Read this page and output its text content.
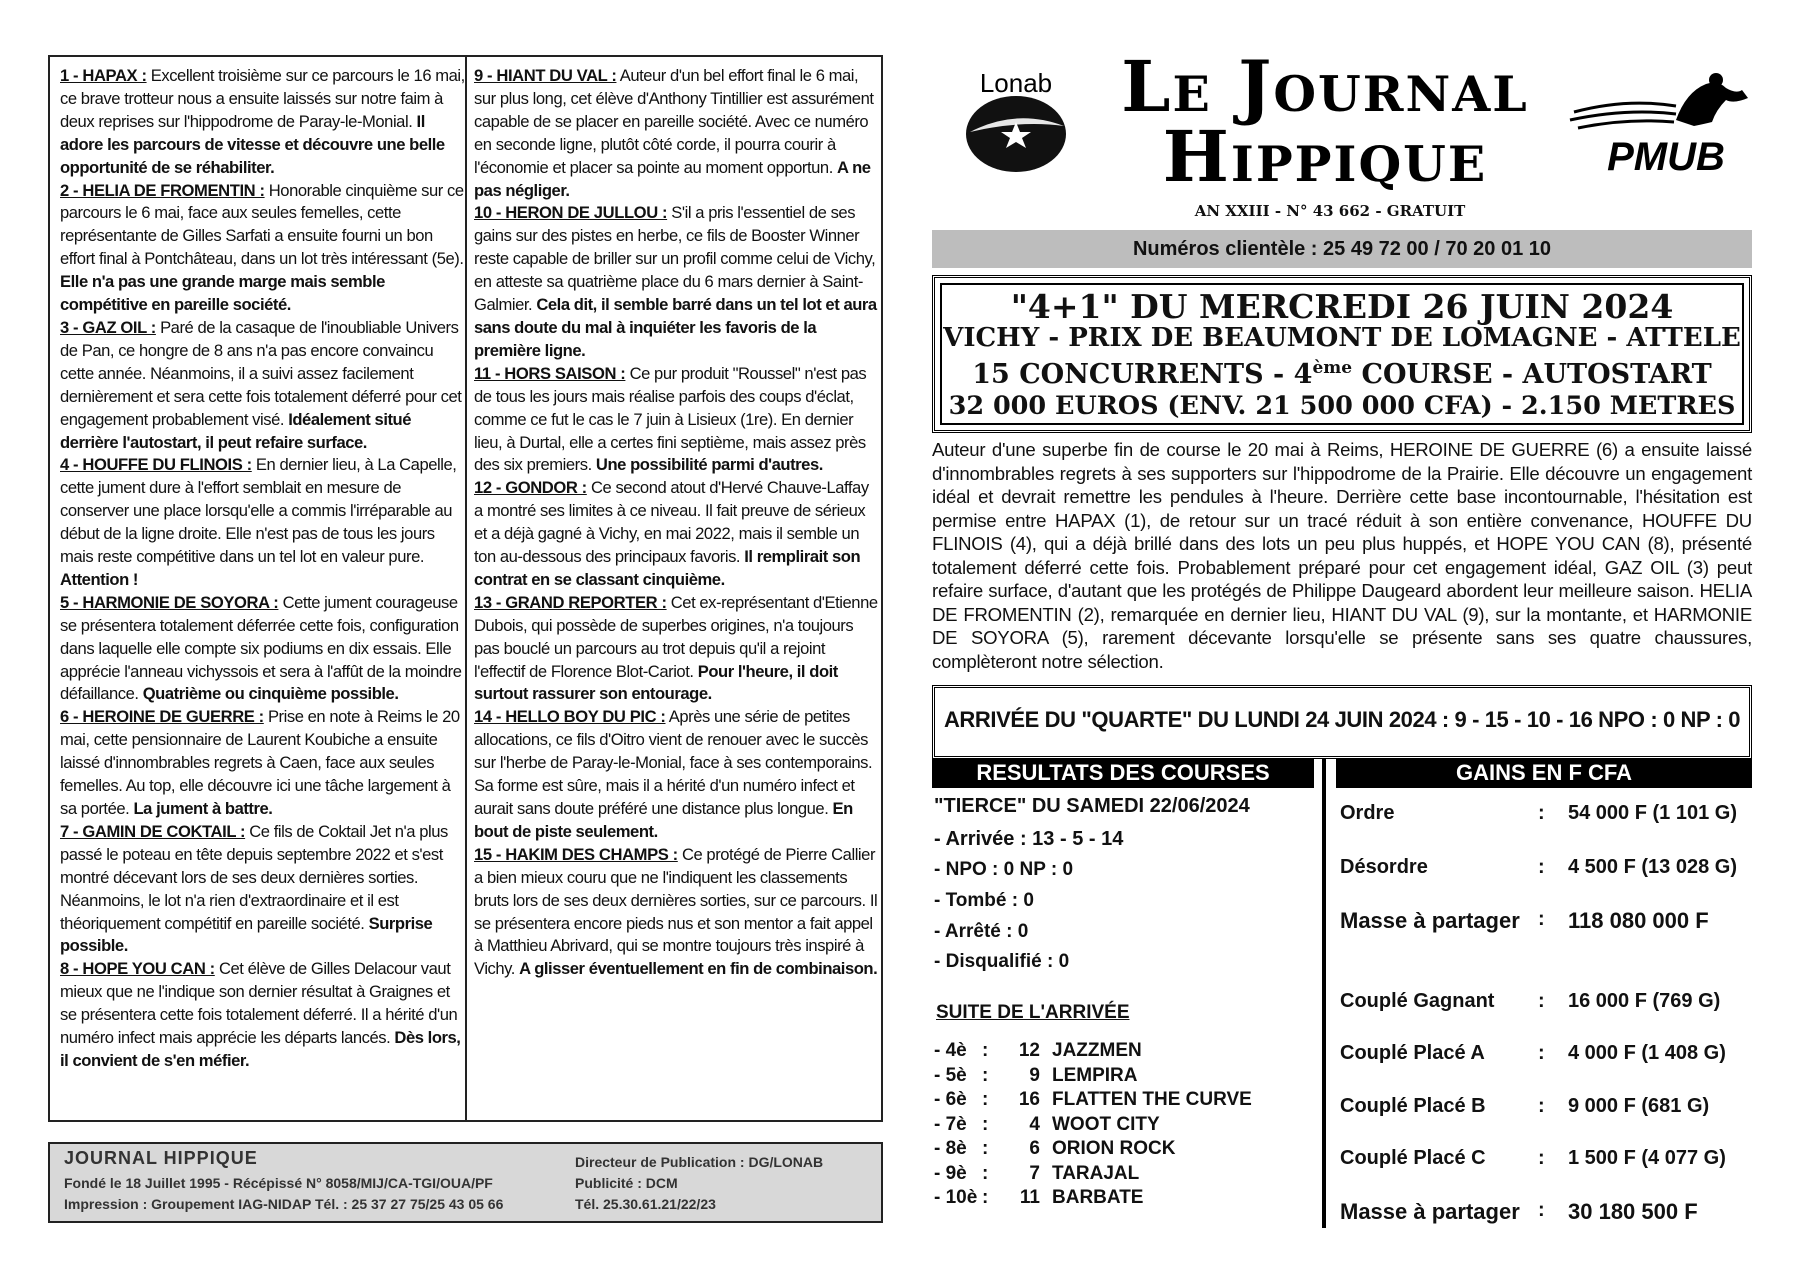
1 - HAPAX : Excellent troisième sur ce parcours le 16 mai, ce brave trotteur nous a ensuite laissés sur notre faim à deux reprises sur l'hippodrome de Paray-le-Monial. Il adore les parcours de vitesse et découvre une belle opportunité de se réhabiliter.

2 - HELIA DE FROMENTIN : Honorable cinquième sur ce parcours le 6 mai, face aux seules femelles, cette représentante de Gilles Sarfati a ensuite fourni un bon effort final à Pontchâteau, dans un lot très intéressant (5e). Elle n'a pas une grande marge mais semble compétitive en pareille société.

3 - GAZ OIL : Paré de la casaque de l'inoubliable Univers de Pan, ce hongre de 8 ans n'a pas encore convaincu cette année. Néanmoins, il a suivi assez facilement dernièrement et sera cette fois totalement déferré pour cet engagement probablement visé. Idéalement situé derrière l'autostart, il peut refaire surface.

4 - HOUFFE DU FLINOIS : En dernier lieu, à La Capelle, cette jument dure à l'effort semblait en mesure de conserver une place lorsqu'elle a commis l'irréparable au début de la ligne droite. Elle n'est pas de tous les jours mais reste compétitive dans un tel lot en valeur pure. Attention !

5 - HARMONIE DE SOYORA : Cette jument courageuse se présentera totalement déferrée cette fois, configuration dans laquelle elle compte six podiums en dix essais. Elle apprécie l'anneau vichyssois et sera à l'affût de la moindre défaillance. Quatrième ou cinquième possible.

6 - HEROINE DE GUERRE : Prise en note à Reims le 20 mai, cette pensionnaire de Laurent Koubiche a ensuite laissé d'innombrables regrets à Caen, face aux seules femelles. Au top, elle découvre ici une tâche largement à sa portée. La jument à battre.

7 - GAMIN DE COKTAIL : Ce fils de Coktail Jet n'a plus passé le poteau en tête depuis septembre 2022 et s'est montré décevant lors de ses deux dernières sorties. Néanmoins, le lot n'a rien d'extraordinaire et il est théoriquement compétitif en pareille société. Surprise possible.

8 - HOPE YOU CAN : Cet élève de Gilles Delacour vaut mieux que ne l'indique son dernier résultat à Graignes et se présentera cette fois totalement déferré. Il a hérité d'un numéro infect mais apprécie les départs lancés. Dès lors, il convient de s'en méfier.

9 - HIANT DU VAL : Auteur d'un bel effort final le 6 mai, sur plus long, cet élève d'Anthony Tintillier est assurément capable de se placer en pareille société. Avec ce numéro en seconde ligne, plutôt côté corde, il pourra courir à l'économie et placer sa pointe au moment opportun. A ne pas négliger.

10 - HERON DE JULLOU : S'il a pris l'essentiel de ses gains sur des pistes en herbe, ce fils de Booster Winner reste capable de briller sur un profil comme celui de Vichy, en atteste sa quatrième place du 6 mars dernier à Saint-Galmier. Cela dit, il semble barré dans un tel lot et aura sans doute du mal à inquiéter les favoris de la première ligne.

11 - HORS SAISON : Ce pur produit "Roussel" n'est pas de tous les jours mais réalise parfois des coups d'éclat, comme ce fut le cas le 7 juin à Lisieux (1re). En dernier lieu, à Durtal, elle a certes fini septième, mais assez près des six premiers. Une possibilité parmi d'autres.

12 - GONDOR : Ce second atout d'Hervé Chauve-Laffay a montré ses limites à ce niveau. Il fait preuve de sérieux et a déjà gagné à Vichy, en mai 2022, mais il semble un ton au-dessous des principaux favoris. Il remplirait son contrat en se classant cinquième.

13 - GRAND REPORTER : Cet ex-représentant d'Etienne Dubois, qui possède de superbes origines, n'a toujours pas bouclé un parcours au trot depuis qu'il a rejoint l'effectif de Florence Blot-Cariot. Pour l'heure, il doit surtout rassurer son entourage.

14 - HELLO BOY DU PIC : Après une série de petites allocations, ce fils d'Oitro vient de renouer avec le succès sur l'herbe de Paray-le-Monial, face à ses contemporains. Sa forme est sûre, mais il a hérité d'un numéro infect et aurait sans doute préféré une distance plus longue. En bout de piste seulement.

15 - HAKIM DES CHAMPS : Ce protégé de Pierre Callier a bien mieux couru que ne l'indiquent les classements bruts lors de ses deux dernières sorties, sur ce parcours. Il se présentera encore pieds nus et son mentor a fait appel à Matthieu Abrivard, qui se montre toujours très inspiré à Vichy. A glisser éventuellement en fin de combinaison.

JOURNAL HIPPIQUE
Fondé le 18 Juillet 1995 - Récépissé N° 8058/MIJ/CA-TGI/OUA/PF
Impression : Groupement IAG-NIDAP Tél. : 25 37 27 75/25 43 05 66
Directeur de Publication : DG/LONAB
Publicité : DCM
Tél. 25.30.61.21/22/23
Lonab Le Journal
Hippique	PMUB
AN XXIII - N° 43 662 - GRATUIT
Numéros clientèle : 25 49 72 00 / 70 20 01 10
"4+1" DU MERCREDI 26 JUIN 2024
VICHY - PRIX DE BEAUMONT DE LOMAGNE - ATTELE
15 CONCURRENTS - 4ème COURSE - AUTOSTART
32 000 EUROS (ENV. 21 500 000 CFA) - 2.150 METRES
Auteur d'une superbe fin de course le 20 mai à Reims, HEROINE DE GUERRE (6) a ensuite laissé d'innombrables regrets à ses supporters sur l'hippodrome de la Prairie. Elle découvre un engagement idéal et devrait remettre les pendules à l'heure. Derrière cette base incontournable, l'hésitation est permise entre HAPAX (1), de retour sur un tracé réduit à son entière convenance, HOUFFE DU FLINOIS (4), qui a déjà brillé dans des lots un peu plus huppés, et HOPE YOU CAN (8), présenté totalement déferré cette fois. Probablement préparé pour cet engagement idéal, GAZ OIL (3) peut refaire surface, d'autant que les protégés de Philippe Daugeard abordent leur meilleure saison. HELIA DE FROMENTIN (2), remarquée en dernier lieu, HIANT DU VAL (9), sur la montante, et HARMONIE DE SOYORA (5), rarement décevante lorsqu'elle se présente sans ses quatre chaussures, complèteront notre sélection.
ARRIVÉE DU "QUARTE" DU LUNDI 24 JUIN 2024 : 9 - 15 - 10 - 16 NPO : 0 NP : 0
RESULTATS DES COURSES	GAINS EN F CFA
"TIERCE" DU SAMEDI 22/06/2024
- Arrivée : 13 - 5 - 14
- NPO : 0 NP : 0
- Tombé : 0
- Arrêté : 0
- Disqualifié : 0
SUITE DE L'ARRIVÉE
- 4è :	12 JAZZMEN
- 5è :	9 LEMPIRA
- 6è :	16 FLATTEN THE CURVE
- 7è :	4 WOOT CITY
- 8è :	6 ORION ROCK
- 9è :	7 TARAJAL
- 10è :	11 BARBATE
Ordre	: 54 000 F (1 101 G)
Désordre	: 4 500 F (13 028 G)
Masse à partager : 118 080 000 F
Couplé Gagnant : 16 000 F (769 G)
Couplé Placé A	: 4 000 F (1 408 G)
Couplé Placé B	: 9 000 F (681 G)
Couplé Placé C	: 1 500 F (4 077 G)
Masse à partager : 30 180 500 F
